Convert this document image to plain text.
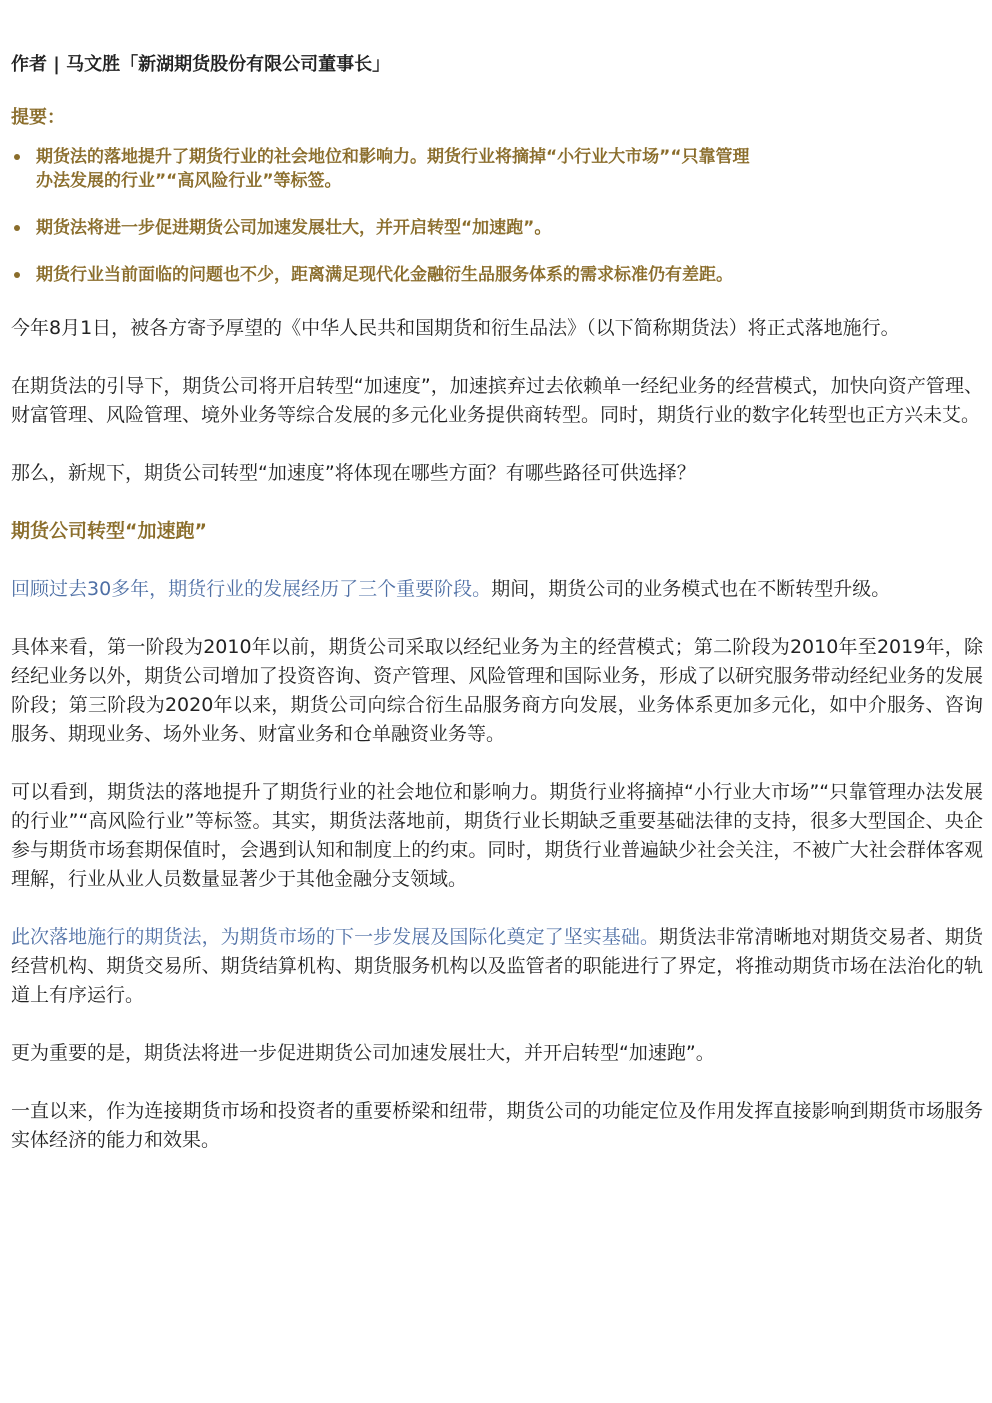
作者 | 马文胜「新湖期货股份有限公司董事长」

提要：

期货法的落地提升了期货行业的社会地位和影响力。期货行业将摘掉“小行业大市场”“只靠管理办法发展的行业”“高风险行业”等标签。
期货法将进一步促进期货公司加速发展壮大，并开启转型“加速跑”。
期货行业当前面临的问题也不少，距离满足现代化金融衍生品服务体系的需求标准仍有差距。

今年8月1日，被各方寄予厚望的《中华人民共和国期货和衍生品法》（以下简称期货法）将正式落地施行。

在期货法的引导下，期货公司将开启转型“加速度”，加速摈弃过去依赖单一经纪业务的经营模式，加快向资产管理、财富管理、风险管理、境外业务等综合发展的多元化业务提供商转型。同时，期货行业的数字化转型也正方兴未艾。

那么，新规下，期货公司转型“加速度”将体现在哪些方面？有哪些路径可供选择？

期货公司转型“加速跑”

回顾过去30多年，期货行业的发展经历了三个重要阶段。期间，期货公司的业务模式也在不断转型升级。

具体来看，第一阶段为2010年以前，期货公司采取以经纪业务为主的经营模式；第二阶段为2010年至2019年，除经纪业务以外，期货公司增加了投资咨询、资产管理、风险管理和国际业务，形成了以研究服务带动经纪业务的发展阶段；第三阶段为2020年以来，期货公司向综合衍生品服务商方向发展，业务体系更加多元化，如中介服务、咨询服务、期现业务、场外业务、财富业务和仓单融资业务等。

可以看到，期货法的落地提升了期货行业的社会地位和影响力。期货行业将摘掉“小行业大市场”“只靠管理办法发展的行业”“高风险行业”等标签。其实，期货法落地前，期货行业长期缺乏重要基础法律的支持，很多大型国企、央企参与期货市场套期保值时，会遇到认知和制度上的约束。同时，期货行业普遍缺少社会关注，不被广大社会群体客观理解，行业从业人员数量显著少于其他金融分支领域。

此次落地施行的期货法，为期货市场的下一步发展及国际化奠定了坚实基础。期货法非常清晰地对期货交易者、期货经营机构、期货交易所、期货结算机构、期货服务机构以及监管者的职能进行了界定，将推动期货市场在法治化的轨道上有序运行。

更为重要的是，期货法将进一步促进期货公司加速发展壮大，并开启转型“加速跑”。

一直以来，作为连接期货市场和投资者的重要桥梁和纽带，期货公司的功能定位及作用发挥直接影响到期货市场服务实体经济的能力和效果。
